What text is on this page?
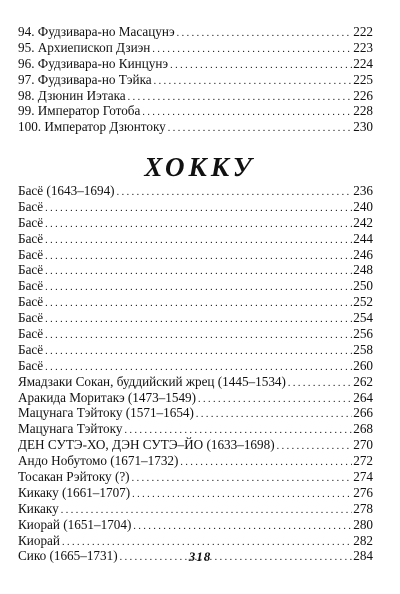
94. Фудзивара-но Масацунэ . . .	222
95. Архиепископ Дзиэн . . .	223
96. Фудзивара-но Кинцунэ . . .	224
97. Фудзивара-но Тэйка . . .	225
98. Дзюнин Иэтака . . .	226
99. Император Готоба . . .	228
100. Император Дзюнтоку . . .	230
ХОККУ
Басё (1643–1694) . . .	236
Басё . . .	240
Басё . . .	242
Басё . . .	244
Басё . . .	246
Басё . . .	248
Басё . . .	250
Басё . . .	252
Басё . . .	254
Басё . . .	256
Басё . . .	258
Басё . . .	260
Ямадзаки Сокан, буддийский жрец (1445–1534) . . .	262
Аракида Моритакэ (1473–1549) . . .	264
Мацунага Тэйтоку (1571–1654) . . .	266
Мацунага Тэйтоку . . .	268
ДЕН СУТЭ-ХО, ДЭН СУТЭ–ЙО (1633–1698) . . .	270
Андо Нобутомо (1671–1732) . . .	272
Тосакан Рэйтоку (?) . . .	274
Кикаку (1661–1707) . . .	276
Кикаку . . .	278
Киорай (1651–1704) . . .	280
Киорай . . .	282
Сико (1665–1731) . . .	284
318
